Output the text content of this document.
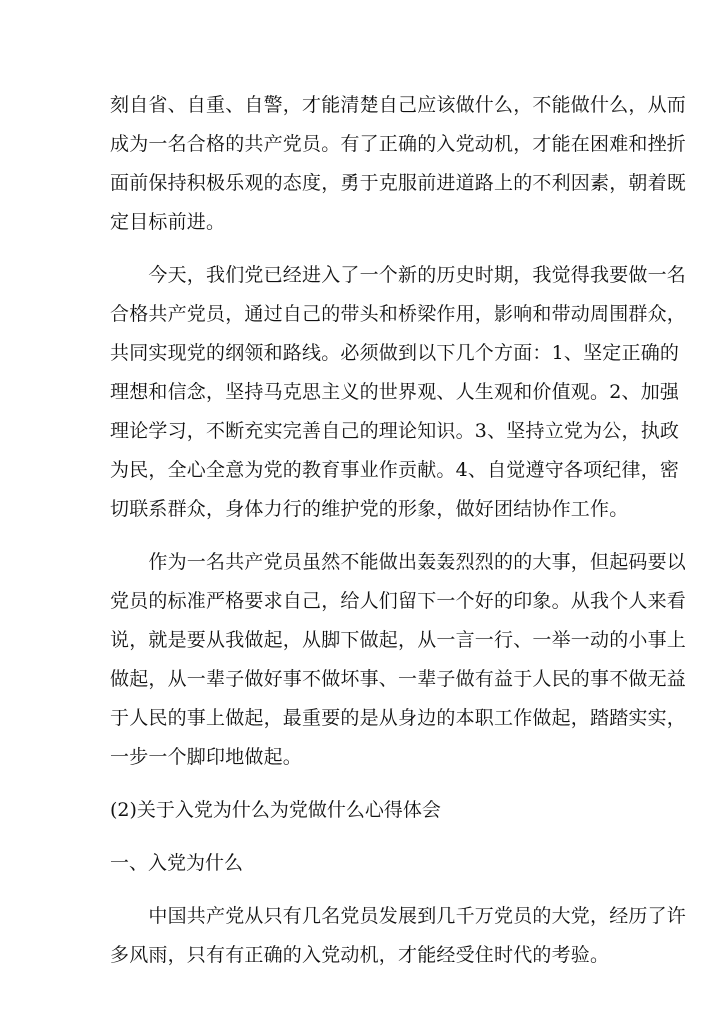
刻自省、自重、自警，才能清楚自己应该做什么，不能做什么，从而
成为一名合格的共产党员。有了正确的入党动机，才能在困难和挫折
面前保持积极乐观的态度，勇于克服前进道路上的不利因素，朝着既
定目标前进。
　　今天，我们党已经进入了一个新的历史时期，我觉得我要做一名
合格共产党员，通过自己的带头和桥梁作用，影响和带动周围群众，
共同实现党的纲领和路线。必须做到以下几个方面：1、坚定正确的
理想和信念，坚持马克思主义的世界观、人生观和价值观。2、加强
理论学习，不断充实完善自己的理论知识。3、坚持立党为公，执政
为民，全心全意为党的教育事业作贡献。4、自觉遵守各项纪律，密
切联系群众，身体力行的维护党的形象，做好团结协作工作。
　　作为一名共产党员虽然不能做出轰轰烈烈的的大事，但起码要以
党员的标准严格要求自己，给人们留下一个好的印象。从我个人来看
说，就是要从我做起，从脚下做起，从一言一行、一举一动的小事上
做起，从一辈子做好事不做坏事、一辈子做有益于人民的事不做无益
于人民的事上做起，最重要的是从身边的本职工作做起，踏踏实实，
一步一个脚印地做起。
(2)关于入党为什么为党做什么心得体会
一、入党为什么
　　中国共产党从只有几名党员发展到几千万党员的大党，经历了许
多风雨，只有有正确的入党动机，才能经受住时代的考验。
